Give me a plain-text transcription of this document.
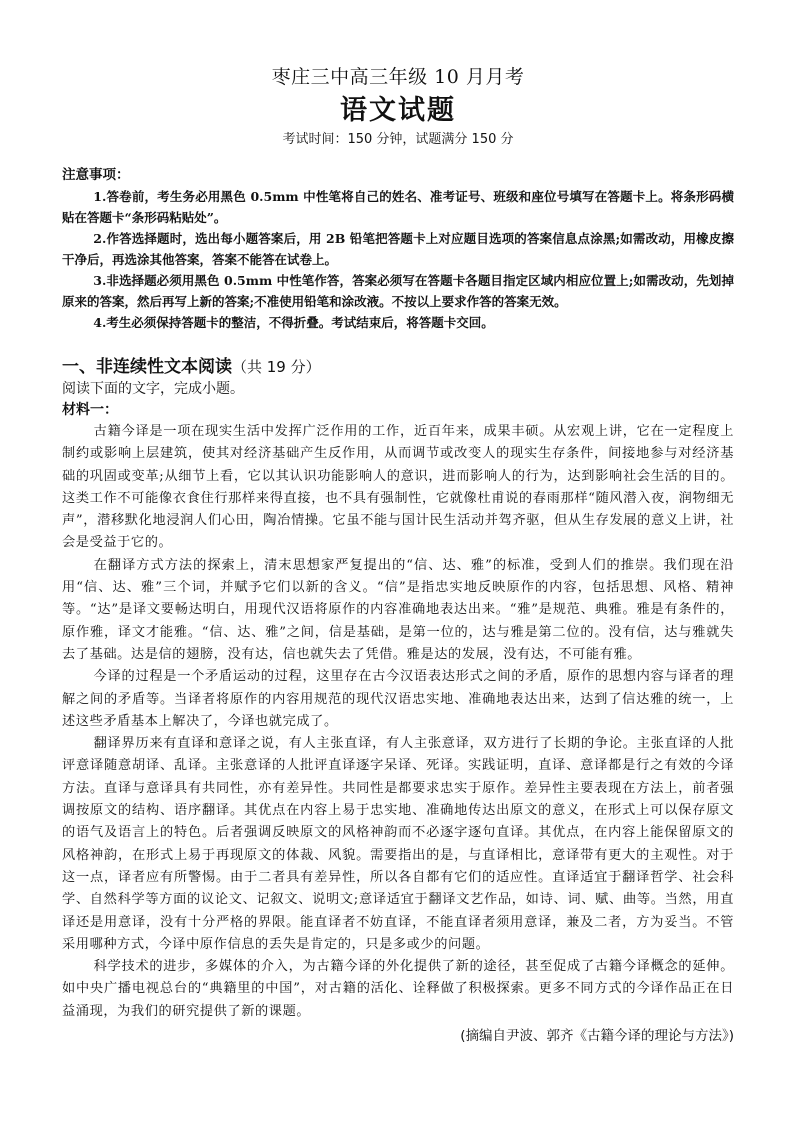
枣庄三中高三年级 10 月月考

语文试题

考试时间：150 分钟，试题满分 150 分

注意事项：

1.答卷前，考生务必用黑色 0.5mm 中性笔将自己的姓名、准考证号、班级和座位号填写在答题卡上。将条形码横贴在答题卡“条形码粘贴处”。

2.作答选择题时，选出每小题答案后，用 2B 铅笔把答题卡上对应题目选项的答案信息点涂黑;如需改动，用橡皮擦干净后，再选涂其他答案，答案不能答在试卷上。

3.非选择题必须用黑色 0.5mm 中性笔作答，答案必须写在答题卡各题目指定区域内相应位置上;如需改动，先划掉原来的答案，然后再写上新的答案;不准使用铅笔和涂改液。不按以上要求作答的答案无效。

4.考生必须保持答题卡的整洁，不得折叠。考试结束后，将答题卡交回。

一、非连续性文本阅读（共 19 分）

阅读下面的文字，完成小题。

材料一：

古籍今译是一项在现实生活中发挥广泛作用的工作，近百年来，成果丰硕。从宏观上讲，它在一定程度上制约或影响上层建筑，使其对经济基础产生反作用，从而调节或改变人的现实生存条件，间接地参与对经济基础的巩固或变革;从细节上看，它以其认识功能影响人的意识，进而影响人的行为，达到影响社会生活的目的。这类工作不可能像衣食住行那样来得直接，也不具有强制性，它就像杜甫说的春雨那样“随风潜入夜，润物细无声”，潜移默化地浸润人们心田，陶冶情操。它虽不能与国计民生活动并驾齐驱，但从生存发展的意义上讲，社会是受益于它的。

在翻译方式方法的探索上，清末思想家严复提出的“信、达、雅”的标准，受到人们的推崇。我们现在沿用“信、达、雅”三个词，并赋予它们以新的含义。“信”是指忠实地反映原作的内容，包括思想、风格、精神等。“达”是译文要畅达明白，用现代汉语将原作的内容准确地表达出来。“雅”是规范、典雅。雅是有条件的，原作雅，译文才能雅。“信、达、雅”之间，信是基础，是第一位的，达与雅是第二位的。没有信，达与雅就失去了基础。达是信的翅膀，没有达，信也就失去了凭借。雅是达的发展，没有达，不可能有雅。

今译的过程是一个矛盾运动的过程，这里存在古今汉语表达形式之间的矛盾，原作的思想内容与译者的理解之间的矛盾等。当译者将原作的内容用规范的现代汉语忠实地、准确地表达出来，达到了信达雅的统一，上述这些矛盾基本上解决了，今译也就完成了。

翻译界历来有直译和意译之说，有人主张直译，有人主张意译，双方进行了长期的争论。主张直译的人批评意译随意胡译、乱译。主张意译的人批评直译逐字呆译、死译。实践证明，直译、意译都是行之有效的今译方法。直译与意译具有共同性，亦有差异性。共同性是都要求忠实于原作。差异性主要表现在方法上，前者强调按原文的结构、语序翻译。其优点在内容上易于忠实地、准确地传达出原文的意义，在形式上可以保存原文的语气及语言上的特色。后者强调反映原文的风格神韵而不必逐字逐句直译。其优点，在内容上能保留原文的风格神韵，在形式上易于再现原文的体裁、风貌。需要指出的是，与直译相比，意译带有更大的主观性。对于这一点，译者应有所警惕。由于二者具有差异性，所以各自都有它们的适应性。直译适宜于翻译哲学、社会科学、自然科学等方面的议论文、记叙文、说明文;意译适宜于翻译文艺作品，如诗、词、赋、曲等。当然，用直译还是用意译，没有十分严格的界限。能直译者不妨直译，不能直译者须用意译，兼及二者，方为妥当。不管采用哪种方式，今译中原作信息的丢失是肯定的，只是多或少的问题。

科学技术的进步，多媒体的介入，为古籍今译的外化提供了新的途径，甚至促成了古籍今译概念的延伸。如中央广播电视总台的“典籍里的中国”，对古籍的活化、诠释做了积极探索。更多不同方式的今译作品正在日益涌现，为我们的研究提供了新的课题。

(摘编自尹波、郭齐《古籍今译的理论与方法》)
